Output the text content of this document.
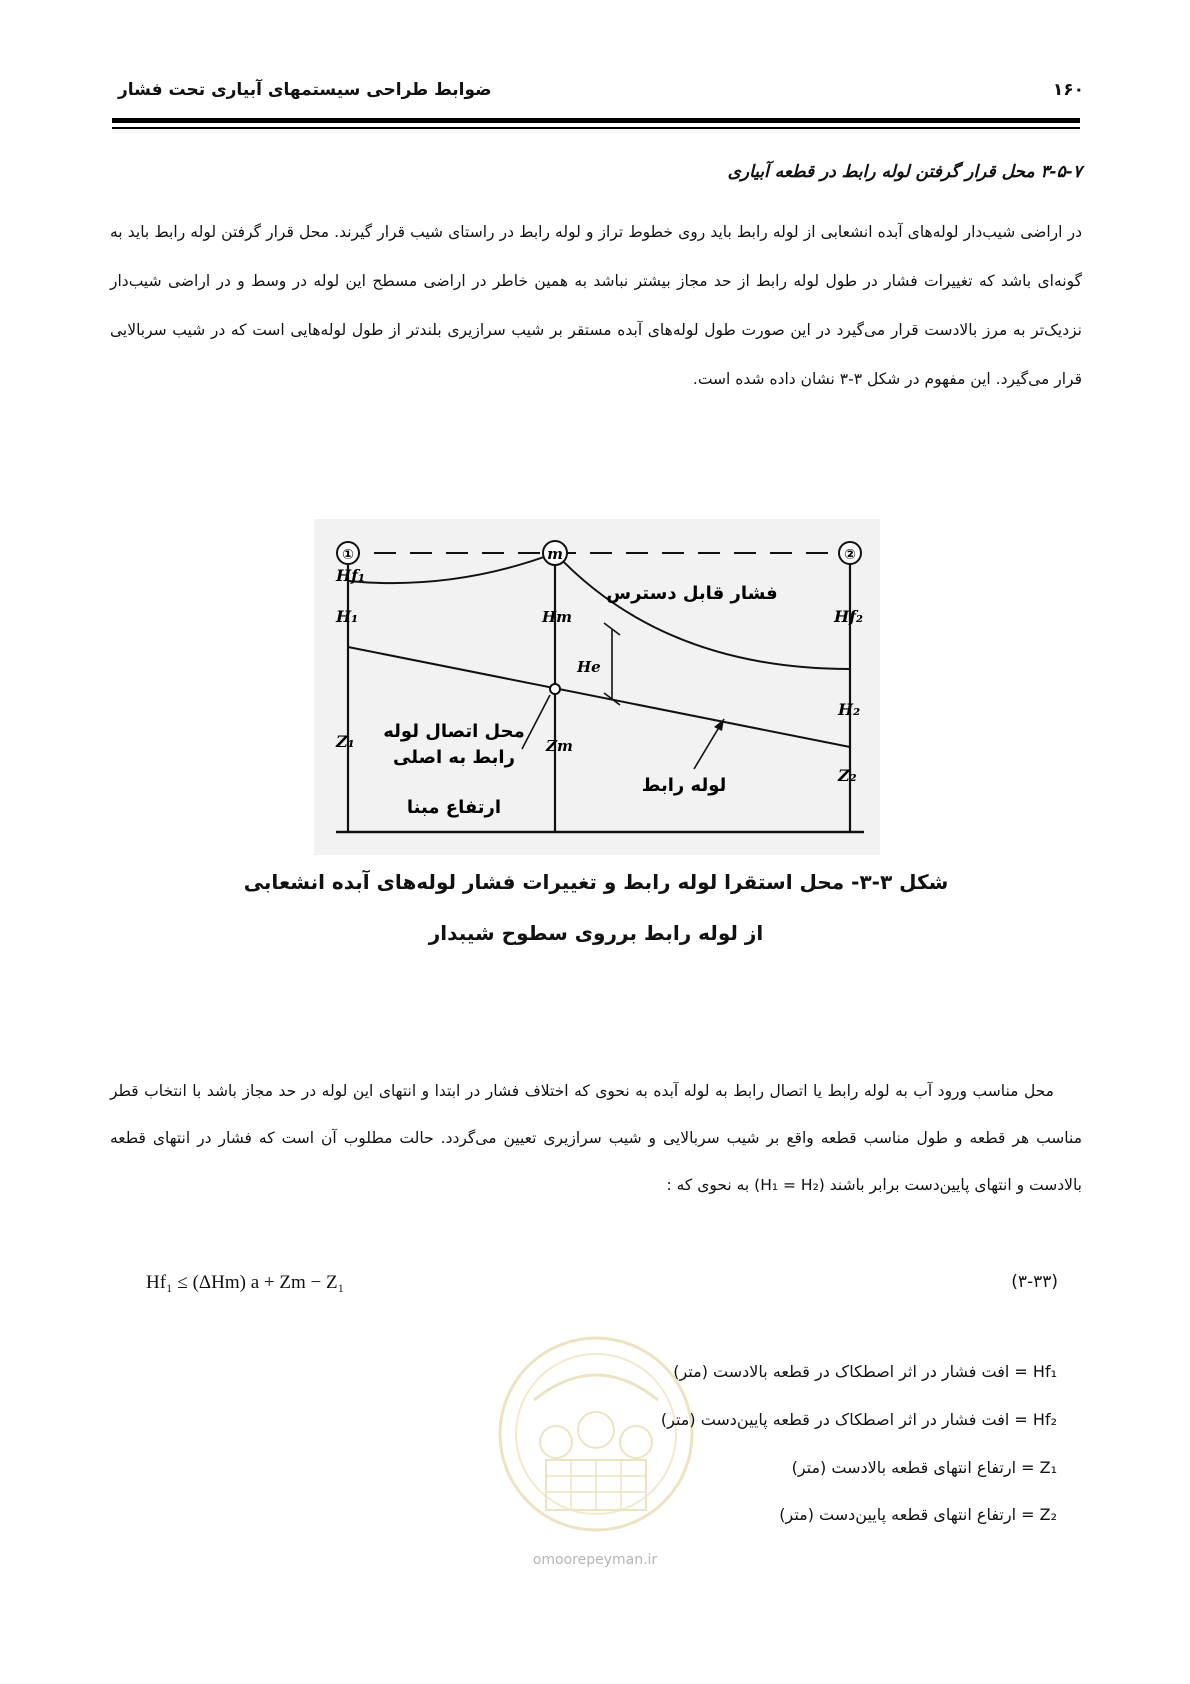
ضوابط طراحی سیستمهای آبیاری تحت فشار	۱۶۰
۳-۵-۷ محل قرار گرفتن لوله رابط در قطعه آبیاری
در اراضی شیب‌دار لوله‌های آبده انشعابی از لوله رابط باید روی خطوط تراز و لوله رابط در راستای شیب قرار گیرند. محل قرار گرفتن لوله رابط باید به گونه‌ای باشد که تغییرات فشار در طول لوله رابط از حد مجاز بیشتر نباشد به همین خاطر در اراضی مسطح این لوله در وسط و در اراضی شیب‌دار نزدیک‌تر به مرز بالادست قرار می‌گیرد در این صورت طول لوله‌های آبده مستقر بر شیب سرازیری بلندتر از طول لوله‌هایی است که در شیب سربالایی قرار می‌گیرد. این مفهوم در شکل ۳-۳ نشان داده شده است.
①	m	②
Hf₁
H₁
Z₁
Hm
Zm
He
Hf₂
H₂
Z₂
فشار قابل دسترس
محل اتصال لوله
رابط به اصلی
لوله رابط
ارتفاع مبنا
شکل ۳-۳- محل استقرا لوله رابط و تغییرات فشار لوله‌های آبده انشعابی
از لوله رابط برروی سطوح شیبدار
محل مناسب ورود آب به لوله رابط یا اتصال رابط به لوله آبده به نحوی که اختلاف فشار در ابتدا و انتهای این لوله در حد مجاز باشد با انتخاب قطر مناسب هر قطعه و طول مناسب قطعه واقع بر شیب سربالایی و شیب سرازیری تعیین می‌گردد. حالت مطلوب آن است که فشار در انتهای قطعه بالادست و انتهای پایین‌دست برابر باشند (H₁ = H₂) به نحوی که :
Hf₁ ≤ (ΔHm) a + Zm − Z₁	(۳-۳۳)
omoorepeyman.ir
Hf₁ = افت فشار در اثر اصطکاک در قطعه بالادست (متر)
Hf₂ = افت فشار در اثر اصطکاک در قطعه پایین‌دست (متر)
Z₁ = ارتفاع انتهای قطعه بالادست (متر)
Z₂ = ارتفاع انتهای قطعه پایین‌دست (متر)
